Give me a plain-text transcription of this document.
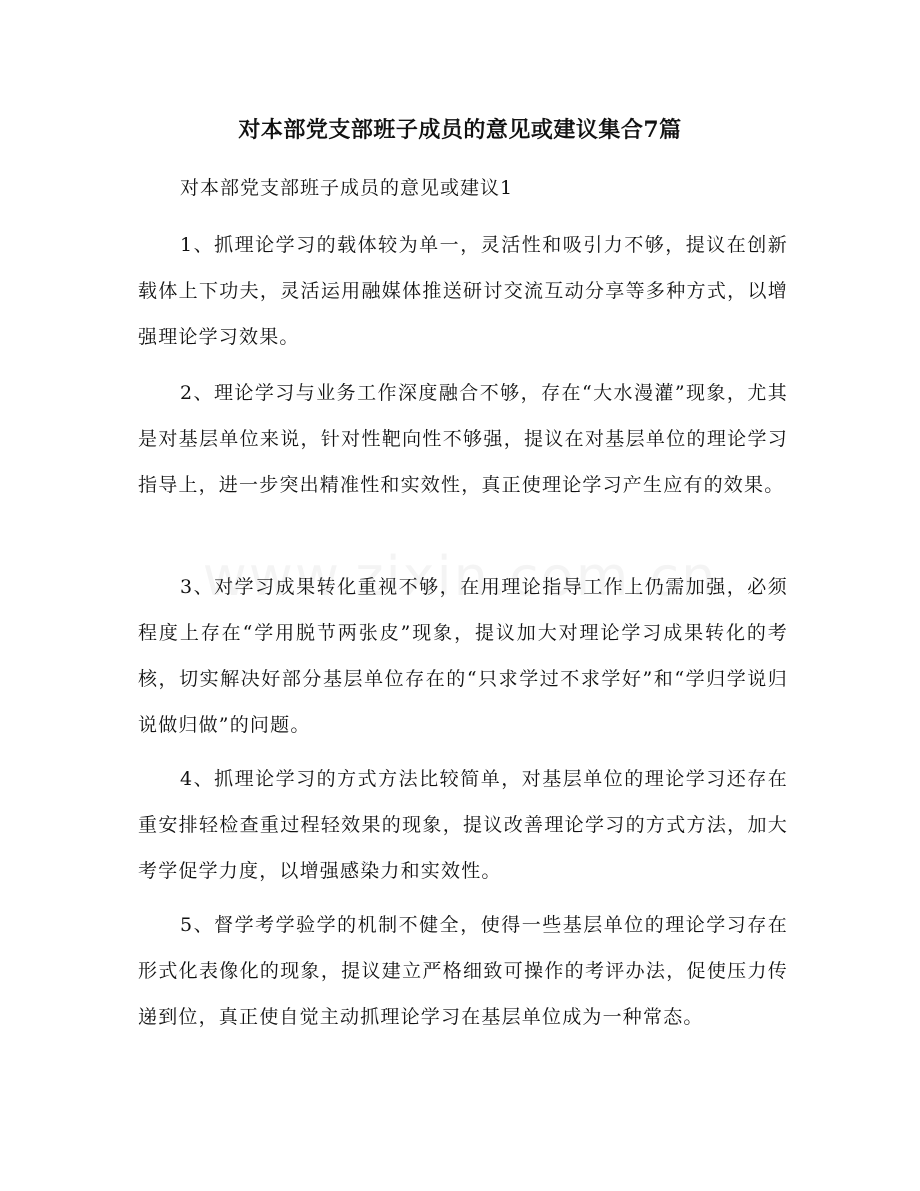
对本部党支部班子成员的意见或建议集合7篇

对本部党支部班子成员的意见或建议1

1、抓理论学习的载体较为单一，灵活性和吸引力不够，提议在创新载体上下功夫，灵活运用融媒体推送研讨交流互动分享等多种方式，以增强理论学习效果。

2、理论学习与业务工作深度融合不够，存在“大水漫灌”现象，尤其是对基层单位来说，针对性靶向性不够强，提议在对基层单位的理论学习指导上，进一步突出精准性和实效性，真正使理论学习产生应有的效果。

3、对学习成果转化重视不够，在用理论指导工作上仍需加强，必须程度上存在“学用脱节两张皮”现象，提议加大对理论学习成果转化的考核，切实解决好部分基层单位存在的“只求学过不求学好”和“学归学说归说做归做”的问题。

4、抓理论学习的方式方法比较简单，对基层单位的理论学习还存在重安排轻检查重过程轻效果的现象，提议改善理论学习的方式方法，加大考学促学力度，以增强感染力和实效性。

5、督学考学验学的机制不健全，使得一些基层单位的理论学习存在形式化表像化的现象，提议建立严格细致可操作的考评办法，促使压力传递到位，真正使自觉主动抓理论学习在基层单位成为一种常态。
